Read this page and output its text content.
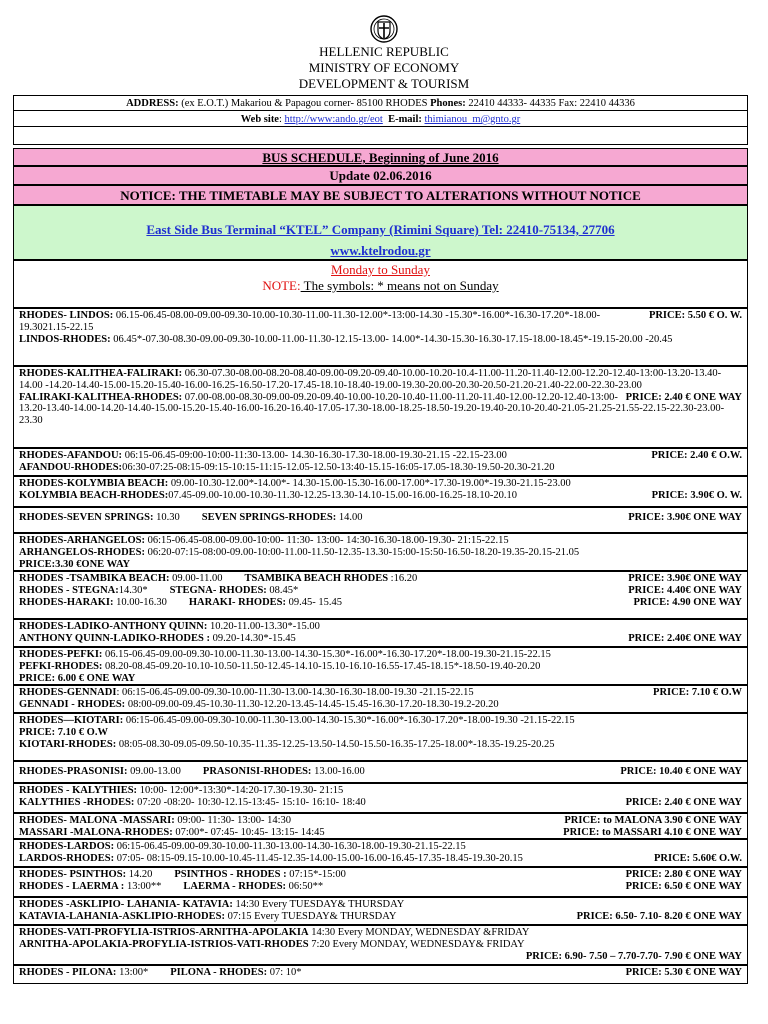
HELLENIC REPUBLIC
MINISTRY OF ECONOMY
DEVELOPMENT & TOURISM
ADDRESS: (ex E.O.T.) Makariou & Papagou corner- 85100 RHODES Phones: 22410 44333- 44335 Fax: 22410 44336
Web site: http://www:ando.gr/eot  E-mail: thimianou_m@gnto.gr
BUS SCHEDULE, Beginning of June 2016
Update 02.06.2016
NOTICE: THE TIMETABLE MAY BE SUBJECT TO ALTERATIONS WITHOUT NOTICE
East Side Bus Terminal “KTEL” Company (Rimini Square) Tel: 22410-75134, 27706
www.ktelrodou.gr
Monday to Sunday
NOTE: The symbols: * means not on Sunday

PRICE: 5.50 € O. W.
RHODES- LINDOS: 06.15-06.45-08.00-09.00-09.30-10.00-10.30-11.00-11.30-12.00*-13:00-14.30 -15.30*-16.00*-16.30-17.20*-18.00-19.3021.15-22.15

LINDOS-RHODES: 06.45*-07.30-08.30-09.00-09.30-10.00-11.00-11.30-12.15-13.00- 14.00*-14.30-15.30-16.30-17.15-18.00-18.45*-19.15-20.00 -20.45

RHODES-KALITHEA-FALIRAKI: 06.30-07.30-08.00-08.20-08.40-09.00-09.20-09.40-10.00-10.20-10.4-11.00-11.20-11.40-12.00-12.20-12.40-13:00-13.20-13.40-14.00 -14.20-14.40-15.00-15.20-15.40-16.00-16.25-16.50-17.20-17.45-18.10-18.40-19.00-19.30-20.00-20.30-20.50-21.20-21.40-22.00-22.30-23.00

PRICE: 2.40 € ONE WAY
FALIRAKI-KALITHEA-RHODES: 07.00-08.00-08.30-09.00-09.20-09.40-10.00-10.20-10.40-11.00-11.20-11.40-12.00-12.20-12.40-13:00-13.20-13.40-14.00-14.20-14.40-15.00-15.20-15.40-16.00-16.20-16.40-17.05-17.30-18.00-18.25-18.50-19.20-19.40-20.10-20.40-21.05-21.25-21.55-22.15-22.30-23.00-23.30

PRICE: 2.40 € O.W.
RHODES-AFANDOU: 06:15-06.45-09:00-10:00-11:30-13.00- 14.30-16.30-17.30-18.00-19.30-21.15 -22.15-23.00

AFANDOU-RHODES:06:30-07:25-08:15-09:15-10:15-11:15-12.05-12.50-13:40-15.15-16:05-17.05-18.30-19.50-20.30-21.20

RHODES-KOLYMBIA BEACH: 09.00-10.30-12.00*-14.00*- 14.30-15.00-15.30-16.00-17.00*-17.30-19.00*-19.30-21.15-23.00

PRICE: 3.90€ O. W.
KOLYMBIA BEACH-RHODES:07.45-09.00-10.00-10.30-11.30-12.25-13.30-14.10-15.00-16.00-16.25-18.10-20.10

PRICE: 3.90€ ONE WAY
RHODES-SEVEN SPRINGS: 10.30 SEVEN SPRINGS-RHODES: 14.00

RHODES-ARHANGELOS: 06:15-06.45-08.00-09.00-10:00- 11:30- 13:00- 14:30-16.30-18.00-19.30- 21:15-22.15

ARHANGELOS-RHODES: 06:20-07:15-08:00-09.00-10:00-11.00-11.50-12.35-13.30-15:00-15:50-16.50-18.20-19.35-20.15-21.05

PRICE:3.30 €ONE WAY

PRICE: 3.90€ ONE WAY
RHODES -TSAMBIKA BEACH: 09.00-11.00 TSAMBIKA BEACH RHODES :16.20

PRICE: 4.40€ ONE WAY
RHODES - STEGNA:14.30* STEGNA- RHODES: 08.45*

PRICE: 4.90 ONE WAY
RHODES-HARAKI: 10.00-16.30 HARAKI- RHODES: 09.45- 15.45

RHODES-LADIKO-ANTHONY QUINN: 10.20-11.00-13.30*-15.00

PRICE: 2.40€ ONE WAY
ANTHONY QUINN-LADIKO-RHODES : 09.20-14.30*-15.45

RHODES-PEFKI: 06.15-06.45-09.00-09.30-10.00-11.30-13.00-14.30-15.30*-16.00*-16.30-17.20*-18.00-19.30-21.15-22.15

PEFKI-RHODES: 08.20-08.45-09.20-10.10-10.50-11.50-12.45-14.10-15.10-16.10-16.55-17.45-18.15*-18.50-19.40-20.20

PRICE: 6.00 € ONE WAY

PRICE: 7.10 € O.W
RHODES-GENNADI: 06:15-06.45-09.00-09.30-10.00-11.30-13.00-14.30-16.30-18.00-19.30 -21.15-22.15

GENNADI - RHODES: 08:00-09.00-09.45-10.30-11.30-12.20-13.45-14.45-15.45-16.30-17.20-18.30-19.2-20.20

RHODES—KIOTARI: 06:15-06.45-09.00-09.30-10.00-11.30-13.00-14.30-15.30*-16.00*-16.30-17.20*-18.00-19.30 -21.15-22.15

PRICE: 7.10 € O.W

KIOTARI-RHODES: 08:05-08.30-09.05-09.50-10.35-11.35-12.25-13.50-14.50-15.50-16.35-17.25-18.00*-18.35-19.25-20.25

PRICE: 10.40 € ONE WAY
RHODES-PRASONISI: 09.00-13.00 PRASONISI-RHODES: 13.00-16.00

RHODES - KALYTHIES: 10:00- 12:00*-13:30*-14:20-17.30-19.30- 21:15

PRICE: 2.40 € ONE WAY
KALYTHIES -RHODES: 07:20 -08:20- 10:30-12.15-13:45- 15:10- 16:10- 18:40

PRICE: to MALONA 3.90 € ONE WAY
RHODES- MALONA -MASSARI: 09:00- 11:30- 13:00- 14:30

PRICE: to MASSARI 4.10 € ONE WAY
MASSARI -MALONA-RHODES: 07:00*- 07:45- 10:45- 13:15- 14:45

RHODES-LARDOS: 06:15-06.45-09.00-09.30-10.00-11.30-13.00-14.30-16.30-18.00-19.30-21.15-22.15

PRICE: 5.60€ O.W.
LARDOS-RHODES: 07:05- 08:15-09.15-10.00-10.45-11.45-12.35-14.00-15.00-16.00-16.45-17.35-18.45-19.30-20.15

PRICE: 2.80 € ONE WAY
RHODES- PSINTHOS: 14.20 PSINTHOS - RHODES : 07:15*-15:00

PRICE: 6.50 € ONE WAY
RHODES - LAERMA : 13:00** LAERMA - RHODES: 06:50**

RHODES -ASKLIPIO- LAHANIA- KATAVIA: 14:30 Every TUESDAY& THURSDAY

PRICE: 6.50- 7.10- 8.20 € ONE WAY
KATAVIA-LAHANIA-ASKLIPIO-RHODES: 07:15 Every TUESDAY& THURSDAY

RHODES-VATI-PROFYLIA-ISTRIOS-ARNITHA-APOLAKIA 14:30 Every MONDAY, WEDNESDAY &FRIDAY

ARNITHA-APOLAKIA-PROFYLIA-ISTRIOS-VATI-RHODES 7:20 Every MONDAY, WEDNESDAY& FRIDAY

PRICE: 6.90- 7.50 – 7.70-7.70- 7.90 € ONE WAY

PRICE: 5.30 € ONE WAY
RHODES - PILONA: 13:00* PILONA - RHODES: 07: 10*
